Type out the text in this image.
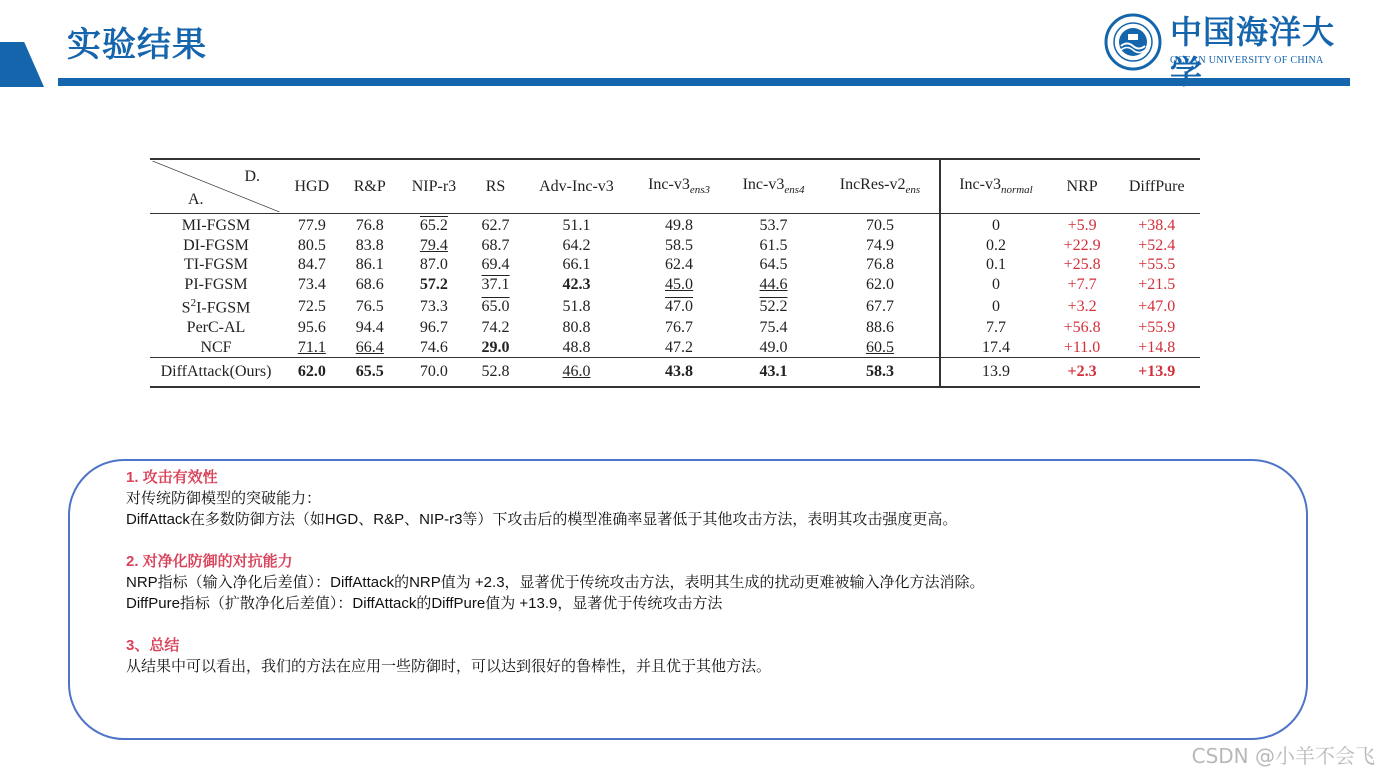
实验结果	中国海洋大学
OCEAN UNIVERSITY OF CHINA
D.
A.	HGD	R&P	NIP-r3	RS	Adv-Inc-v3	Inc-$v3_{ens3}$	Inc-$v3_{ens4}$	IncRes-$v2_{ens}$	Inc-$v3_{normal}$	NRP	DiffPure
MI-FGSM	77.9	76.8	65.2	62.7	51.1	49.8	53.7	70.5	0	+5.9	+38.4
DI-FGSM	80.5	83.8	79.4	68.7	64.2	58.5	61.5	74.9	0.2	+22.9	+52.4
TI-FGSM	84.7	86.1	87.0	69.4	66.1	62.4	64.5	76.8	0.1	+25.8	+55.5
PI-FGSM	73.4	68.6	57.2	37.1	42.3	45.0	44.6	62.0	0	+7.7	+21.5
$S^2I$-FGSM	72.5	76.5	73.3	65.0	51.8	47.0	52.2	67.7	0	+3.2	+47.0
PerC-AL	95.6	94.4	96.7	74.2	80.8	76.7	75.4	88.6	7.7	+56.8	+55.9
NCF	71.1	66.4	74.6	29.0	48.8	47.2	49.0	60.5	17.4	+11.0	+14.8
DiffAttack(Ours)	62.0	65.5	70.0	52.8	46.0	43.8	43.1	58.3	13.9	+2.3	+13.9
1. 攻击有效性
对传统防御模型的突破能力：
DiffAttack在多数防御方法（如HGD、R&P、NIP-r3等）下攻击后的模型准确率显著低于其他攻击方法，表明其攻击强度更高。
2. 对净化防御的对抗能力
NRP指标（输入净化后差值）：DiffAttack的NRP值为 +2.3，显著优于传统攻击方法，表明其生成的扰动更难被输入净化方法消除。
DiffPure指标（扩散净化后差值）：DiffAttack的DiffPure值为 +13.9，显著优于传统攻击方法
3、总结
从结果中可以看出，我们的方法在应用一些防御时，可以达到很好的鲁棒性，并且优于其他方法。
CSDN @小羊不会飞
